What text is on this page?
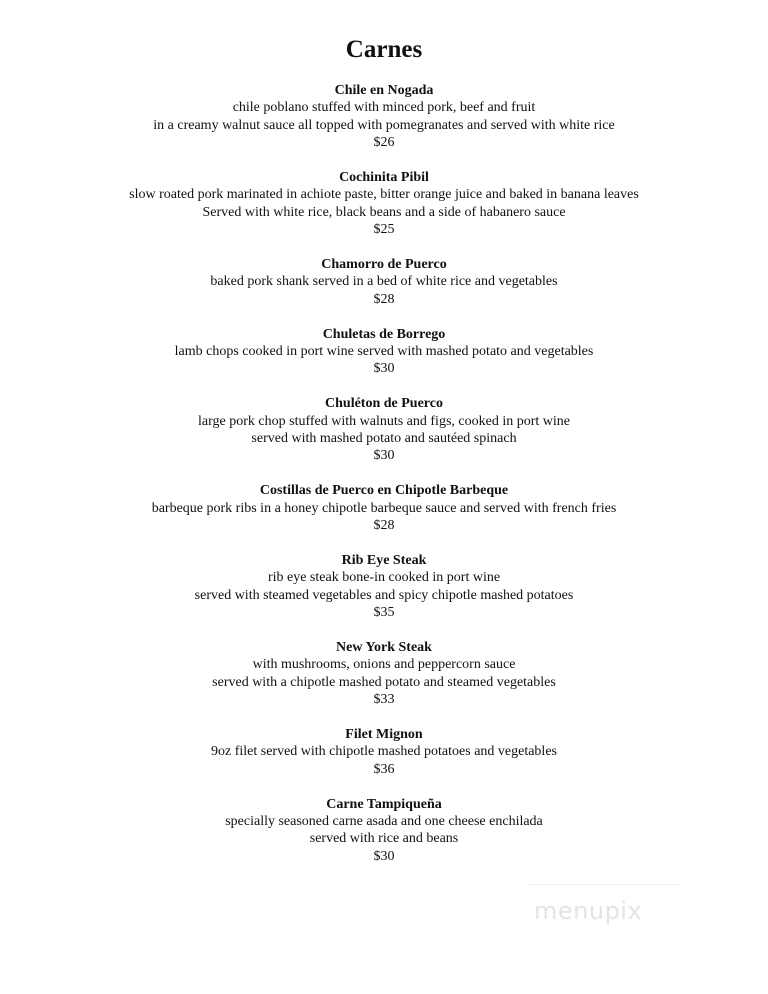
Carnes
Chile en Nogada
chile poblano stuffed with minced pork, beef and fruit
in a creamy walnut sauce all topped with pomegranates and served with white rice
$26
Cochinita Pibil
slow roated pork marinated in achiote paste, bitter orange juice and baked in banana leaves
Served with white rice, black beans and a side of habanero sauce
$25
Chamorro de Puerco
baked pork shank served in a bed of white rice and vegetables
$28
Chuletas de Borrego
lamb chops cooked in port wine served with mashed potato and vegetables
$30
Chuléton de Puerco
large pork chop stuffed with walnuts and figs, cooked in port wine
served with mashed potato and sautéed spinach
$30
Costillas de Puerco en Chipotle Barbeque
barbeque pork ribs in a honey chipotle barbeque sauce and served with french fries
$28
Rib Eye Steak
rib eye steak bone-in cooked in port wine
served with steamed vegetables and spicy chipotle mashed potatoes
$35
New York Steak
with mushrooms, onions and peppercorn sauce
served with a chipotle mashed potato and steamed vegetables
$33
Filet Mignon
9oz filet served with chipotle mashed potatoes and vegetables
$36
Carne Tampiqueña
specially seasoned carne asada and one cheese enchilada
served with rice and beans
$30
menupix
